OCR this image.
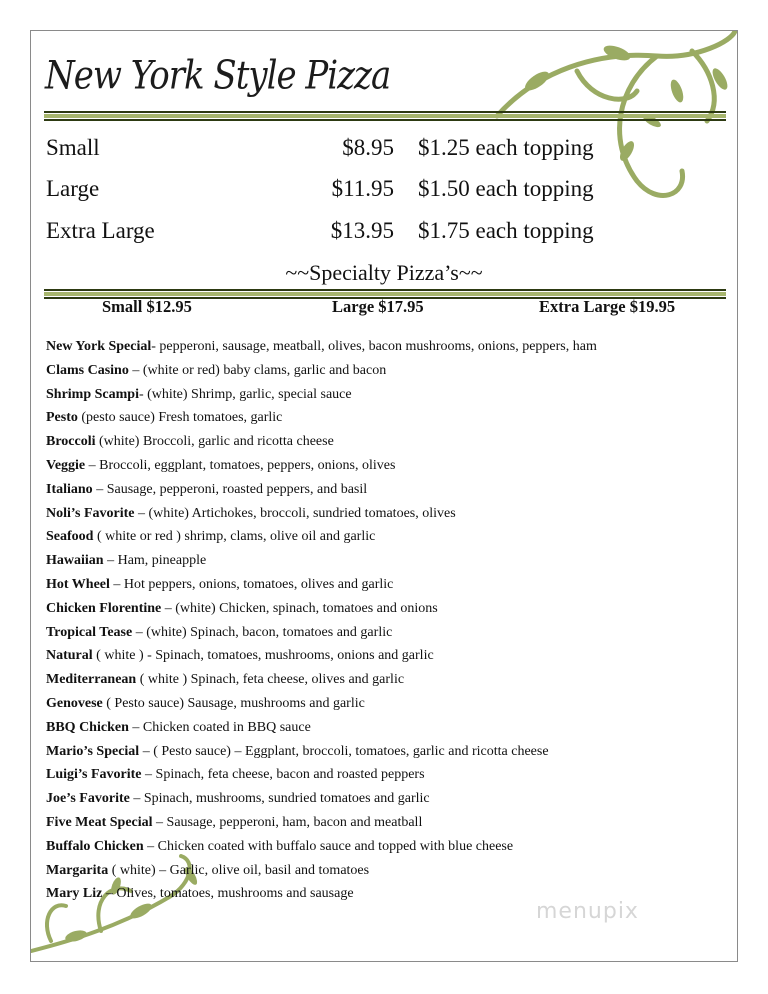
New York Style Pizza
Small	$8.95 $1.25 each topping
Large	$11.95 $1.50 each topping
Extra Large	$13.95 $1.75 each topping
~~Specialty Pizza’s~~
Small $12.95	Large $17.95	Extra Large $19.95
New York Special- pepperoni, sausage, meatball, olives, bacon mushrooms, onions, peppers, ham
Clams Casino – (white or red) baby clams, garlic and bacon
Shrimp Scampi- (white) Shrimp, garlic, special sauce
Pesto (pesto sauce) Fresh tomatoes, garlic
Broccoli (white) Broccoli, garlic and ricotta cheese
Veggie – Broccoli, eggplant, tomatoes, peppers, onions, olives
Italiano – Sausage, pepperoni, roasted peppers, and basil
Noli’s Favorite – (white) Artichokes, broccoli, sundried tomatoes, olives
Seafood ( white or red ) shrimp, clams, olive oil and garlic
Hawaiian – Ham, pineapple
Hot Wheel – Hot peppers, onions, tomatoes, olives and garlic
Chicken Florentine – (white) Chicken, spinach, tomatoes and onions
Tropical Tease – (white) Spinach, bacon, tomatoes and garlic
Natural ( white ) - Spinach, tomatoes, mushrooms, onions and garlic
Mediterranean ( white ) Spinach, feta cheese, olives and garlic
Genovese ( Pesto sauce) Sausage, mushrooms and garlic
BBQ Chicken – Chicken coated in BBQ sauce
Mario’s Special – ( Pesto sauce) – Eggplant, broccoli, tomatoes, garlic and ricotta cheese
Luigi’s Favorite – Spinach, feta cheese, bacon and roasted peppers
Joe’s Favorite – Spinach, mushrooms, sundried tomatoes and garlic
Five Meat Special – Sausage, pepperoni, ham, bacon and meatball
Buffalo Chicken – Chicken coated with buffalo sauce and topped with blue cheese
Margarita ( white) – Garlic, olive oil, basil and tomatoes
Mary Liz – Olives, tomatoes, mushrooms and sausage
menupix
